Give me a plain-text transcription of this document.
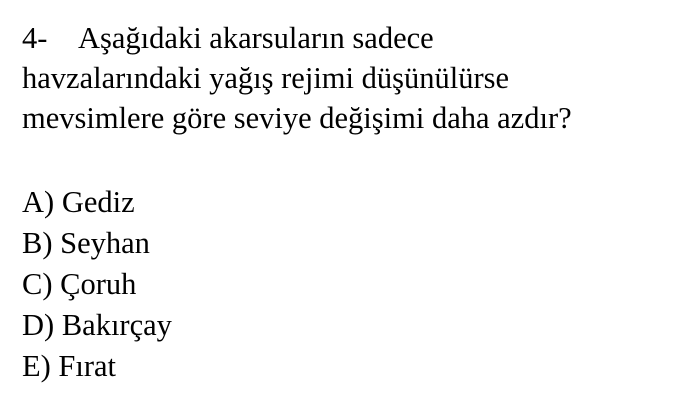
4- Aşağıdaki akarsuların sadece
havzalarındaki yağış rejimi düşünülürse
mevsimlere göre seviye değişimi daha azdır?
A) Gediz
B) Seyhan
C) Çoruh
D) Bakırçay
E) Fırat
